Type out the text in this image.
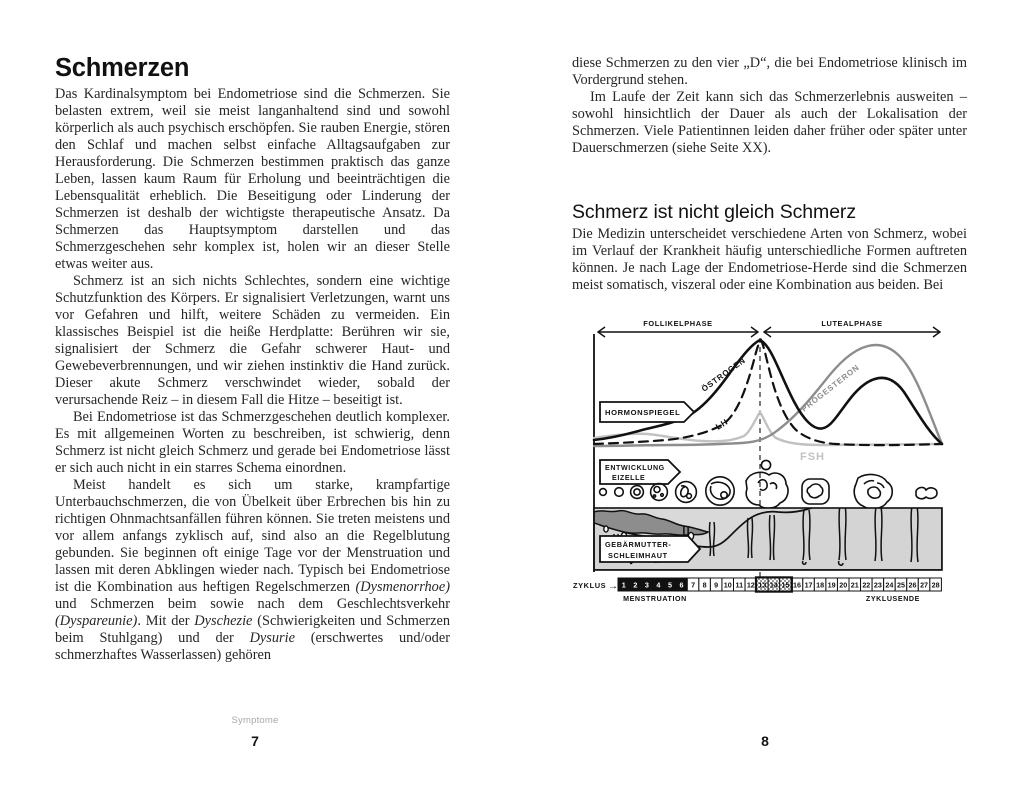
Schmerzen

Das Kardinalsymptom bei Endometriose sind die Schmerzen. Sie belasten extrem, weil sie meist langanhaltend sind und sowohl körperlich als auch psychisch erschöpfen. Sie rauben Energie, stören den Schlaf und machen selbst einfache Alltagsaufgaben zur Herausforderung. Die Schmerzen bestimmen praktisch das ganze Leben, lassen kaum Raum für Erholung und beeinträchtigen die Lebensqualität erheblich. Die Beseitigung oder Linderung der Schmerzen ist deshalb der wichtigste therapeutische Ansatz. Da Schmerzen das Hauptsymptom darstellen und das Schmerzgeschehen sehr komplex ist, holen wir an dieser Stelle etwas weiter aus.

Schmerz ist an sich nichts Schlechtes, sondern eine wichtige Schutzfunktion des Körpers. Er signalisiert Verletzungen, warnt uns vor Gefahren und hilft, weitere Schäden zu vermeiden. Ein klassisches Beispiel ist die heiße Herdplatte: Berühren wir sie, signalisiert der Schmerz die Gefahr schwerer Haut- und Gewebeverbrennungen, und wir ziehen instinktiv die Hand zurück. Dieser akute Schmerz verschwindet wieder, sobald der verursachende Reiz – in diesem Fall die Hitze – beseitigt ist.

Bei Endometriose ist das Schmerzgeschehen deutlich komplexer. Es mit allgemeinen Worten zu beschreiben, ist schwierig, denn Schmerz ist nicht gleich Schmerz und gerade bei Endometriose lässt er sich auch nicht in ein starres Schema einordnen.

Meist handelt es sich um starke, krampfartige Unterbauchschmerzen, die von Übelkeit über Erbrechen bis hin zu richtigen Ohnmachtsanfällen führen können. Sie treten meistens und vor allem anfangs zyklisch auf, sind also an die Regelblutung gebunden. Sie beginnen oft einige Tage vor der Menstruation und lassen mit deren Abklingen wieder nach. Typisch bei Endometriose ist die Kombination aus heftigen Regelschmerzen (Dysmenorrhoe) und Schmerzen beim sowie nach dem Geschlechtsverkehr (Dyspareunie). Mit der Dyschezie (Schwierigkeiten und Schmerzen beim Stuhlgang) und der Dysurie (erschwertes und/oder schmerzhaftes Wasserlassen) gehören

Symptome
7

diese Schmerzen zu den vier „D“, die bei Endometriose klinisch im Vordergrund stehen.

Im Laufe der Zeit kann sich das Schmerzerlebnis ausweiten – sowohl hinsichtlich der Dauer als auch der Lokalisation der Schmerzen. Viele Patientinnen leiden daher früher oder später unter Dauerschmerzen (siehe Seite XX).

Schmerz ist nicht gleich Schmerz

Die Medizin unterscheidet verschiedene Arten von Schmerz, wobei im Verlauf der Krankheit häufig unterschiedliche Formen auftreten können. Je nach Lage der Endometriose-Herde sind die Schmerzen meist somatisch, viszeral oder eine Kombination aus beiden. Bei

FOLLIKELPHASE	LUTEALPHASE
ÖSTROGEN
LH
PROGESTERON
FSH
HORMONSPIEGEL
ENTWICKLUNG
EIZELLE
GEBÄRMUTTER-
SCHLEIMHAUT
ZYKLUS → 1 2 3 4 5 6 7 8 9 10 11 12 13 14 15 16 17 18 19 20 21 22 23 24 25 26 27 28
MENSTRUATION	ZYKLUSENDE
8
